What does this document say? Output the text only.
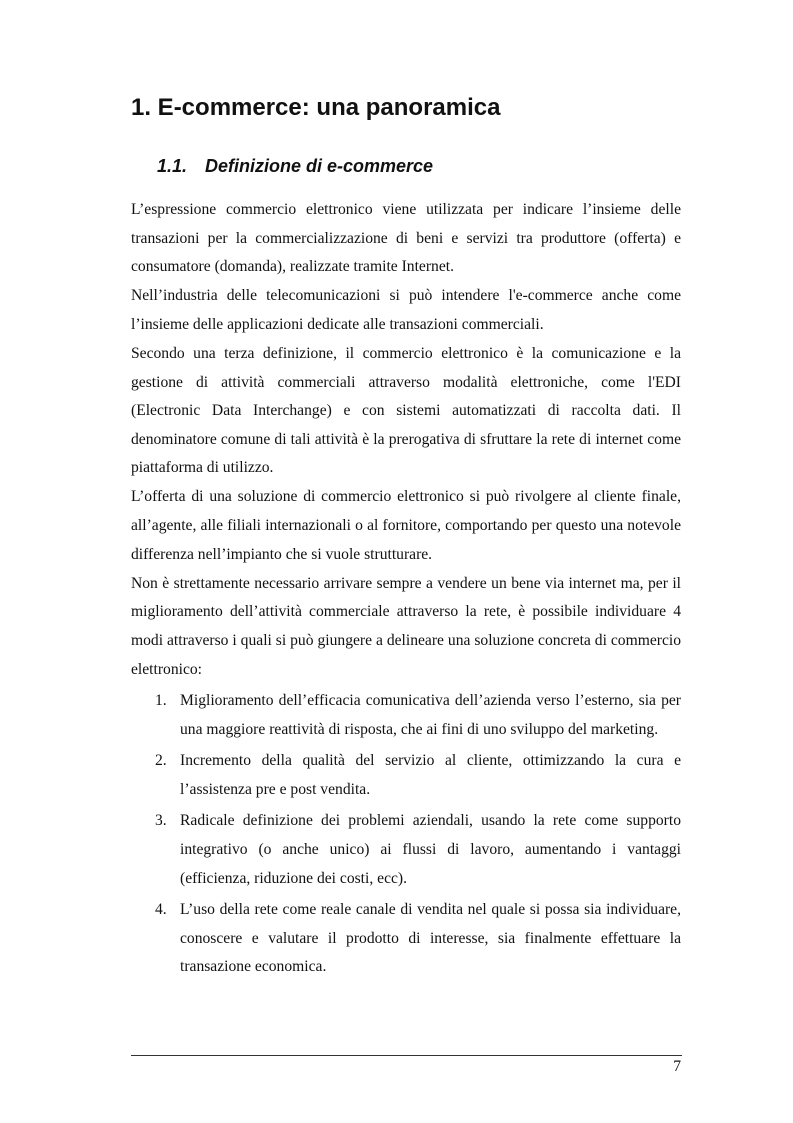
1. E-commerce: una panoramica
1.1. Definizione di e-commerce

L’espressione commercio elettronico viene utilizzata per indicare l’insieme delle transazioni per la commercializzazione di beni e servizi tra produttore (offerta) e consumatore (domanda), realizzate tramite Internet.

Nell’industria delle telecomunicazioni si può intendere l'e-commerce anche come l’insieme delle applicazioni dedicate alle transazioni commerciali.

Secondo una terza definizione, il commercio elettronico è la comunicazione e la gestione di attività commerciali attraverso modalità elettroniche, come l'EDI (Electronic Data Interchange) e con sistemi automatizzati di raccolta dati. Il denominatore comune di tali attività è la prerogativa di sfruttare la rete di internet come piattaforma di utilizzo.

L’offerta di una soluzione di commercio elettronico si può rivolgere al cliente finale, all’agente, alle filiali internazionali o al fornitore, comportando per questo una notevole differenza nell’impianto che si vuole strutturare.

Non è strettamente necessario arrivare sempre a vendere un bene via internet ma, per il miglioramento dell’attività commerciale attraverso la rete, è possibile individuare 4 modi attraverso i quali si può giungere a delineare una soluzione concreta di commercio elettronico:

1. Miglioramento dell’efficacia comunicativa dell’azienda verso l’esterno, sia per una maggiore reattività di risposta, che ai fini di uno sviluppo del marketing.
2. Incremento della qualità del servizio al cliente, ottimizzando la cura e l’assistenza pre e post vendita.
3. Radicale definizione dei problemi aziendali, usando la rete come supporto integrativo (o anche unico) ai flussi di lavoro, aumentando i vantaggi (efficienza, riduzione dei costi, ecc).
4. L’uso della rete come reale canale di vendita nel quale si possa sia individuare, conoscere e valutare il prodotto di interesse, sia finalmente effettuare la transazione economica.
7
